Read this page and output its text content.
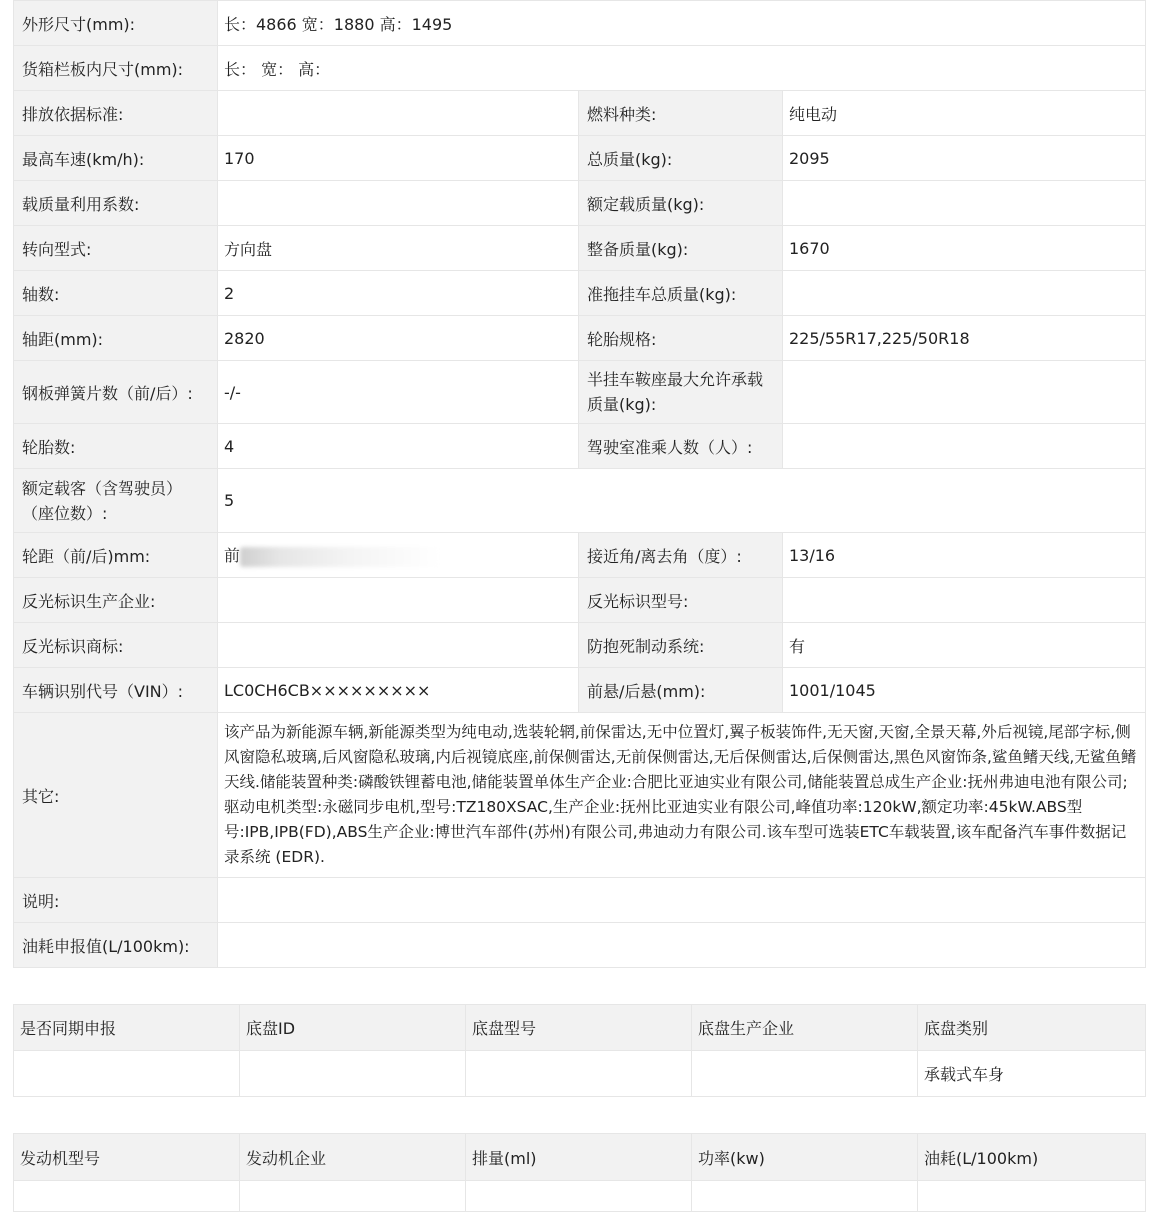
外形尺寸(mm):	长：4866 宽：1880 高：1495		
货箱栏板内尺寸(mm):	长： 宽： 高：		
排放依据标准:		燃料种类:	纯电动
最高车速(km/h):	170	总质量(kg):	2095
载质量利用系数:		额定载质量(kg):	
转向型式:	方向盘	整备质量(kg):	1670
轴数:	2	准拖挂车总质量(kg):	
轴距(mm):	2820	轮胎规格:	225/55R17,225/50R18
钢板弹簧片数（前/后）:	-/-	半挂车鞍座最大允许承载
质量(kg):	

轮胎数:	4	驾驶室准乘人数（人）:	

额定载客（含驾驶员）
（座位数）:	5		
轮距（前/后)mm:	前	接近角/离去角（度）:	13/16
反光标识生产企业:		反光标识型号:	
反光标识商标:		防抱死制动系统:	有
车辆识别代号（VIN）:	LC0CH6CB×××××××××	前悬/后悬(mm):	1001/1045
其它:	该产品为新能源车辆,新能源类型为纯电动,选装轮辋,前保雷达,无中位置灯,翼子板装饰件,无天窗,天窗,全景天幕,外后视镜,尾部字标,侧风窗隐私玻璃,后风窗隐私玻璃,内后视镜底座,前保侧雷达,无前保侧雷达,无后保侧雷达,后保侧雷达,黑色风窗饰条,鲨鱼鳍天线,无鲨鱼鳍天线.储能装置种类:磷酸铁锂蓄电池,储能装置单体生产企业:合肥比亚迪实业有限公司,储能装置总成生产企业:抚州弗迪电池有限公司;驱动电机类型:永磁同步电机,型号:TZ180XSAC,生产企业:抚州比亚迪实业有限公司,峰值功率:120kW,额定功率:45kW.ABS型号:IPB,IPB(FD),ABS生产企业:博世汽车部件(苏州)有限公司,弗迪动力有限公司.该车型可选装ETC车载装置,该车配备汽车事件数据记录系统 (EDR).		
说明:			
油耗申报值(L/100km):			
是否同期申报	底盘ID	底盘型号	底盘生产企业	底盘类别
				承载式车身
发动机型号	发动机企业	排量(ml)	功率(kw)	油耗(L/100km)
